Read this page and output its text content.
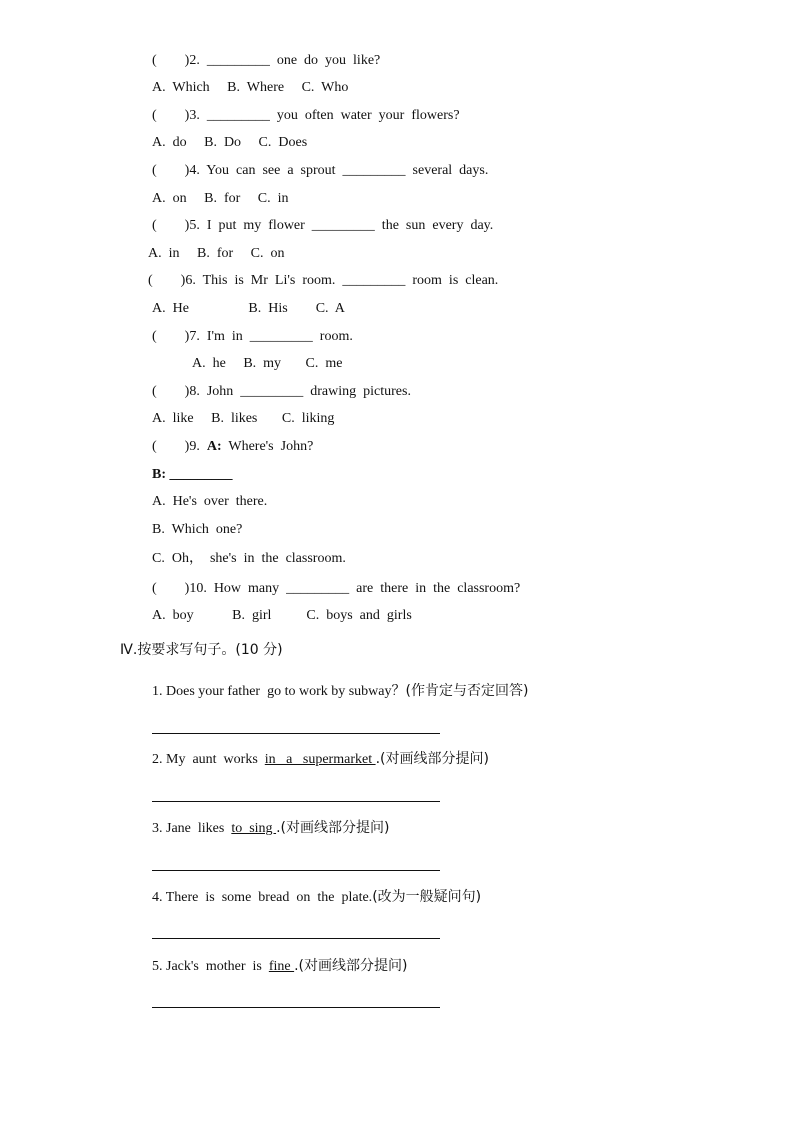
(        )2.  _________  one  do  you  like?
A.  Which     B.  Where     C.  Who
(        )3.  _________  you  often  water  your  flowers?
A.  do     B.  Do     C.  Does
(        )4.  You  can  see  a  sprout  _________  several  days.
A.  on     B.  for     C.  in
(        )5.  I  put  my  flower  _________  the  sun  every  day.
A.  in     B.  for     C.  on
(        )6.  This  is  Mr  Li's  room.  _________  room  is  clean.
A.  He                 B.  His        C.  A
(        )7.  I'm  in  _________  room.
A.  he     B.  my       C.  me
(        )8.  John  _________  drawing  pictures.
A.  like     B.  likes       C.  liking
(        )9.  A:  Where's  John?
B: _________
A.  He's  over  there.
B.  Which  one?
C.  Oh，  she's  in  the  classroom.
(        )10.  How  many  _________  are  there  in  the  classroom?
A.  boy           B.  girl          C.  boys  and  girls
Ⅳ.按要求写句子。(10 分)
1. Does your father  go to work by subway？(作肯定与否定回答)
2. My  aunt  works  in   a   supermarket .(对画线部分提问)
3. Jane  likes  to  sing .(对画线部分提问)
4. There  is  some  bread  on  the  plate.(改为一般疑问句)
5. Jack's  mother  is  fine .(对画线部分提问)
